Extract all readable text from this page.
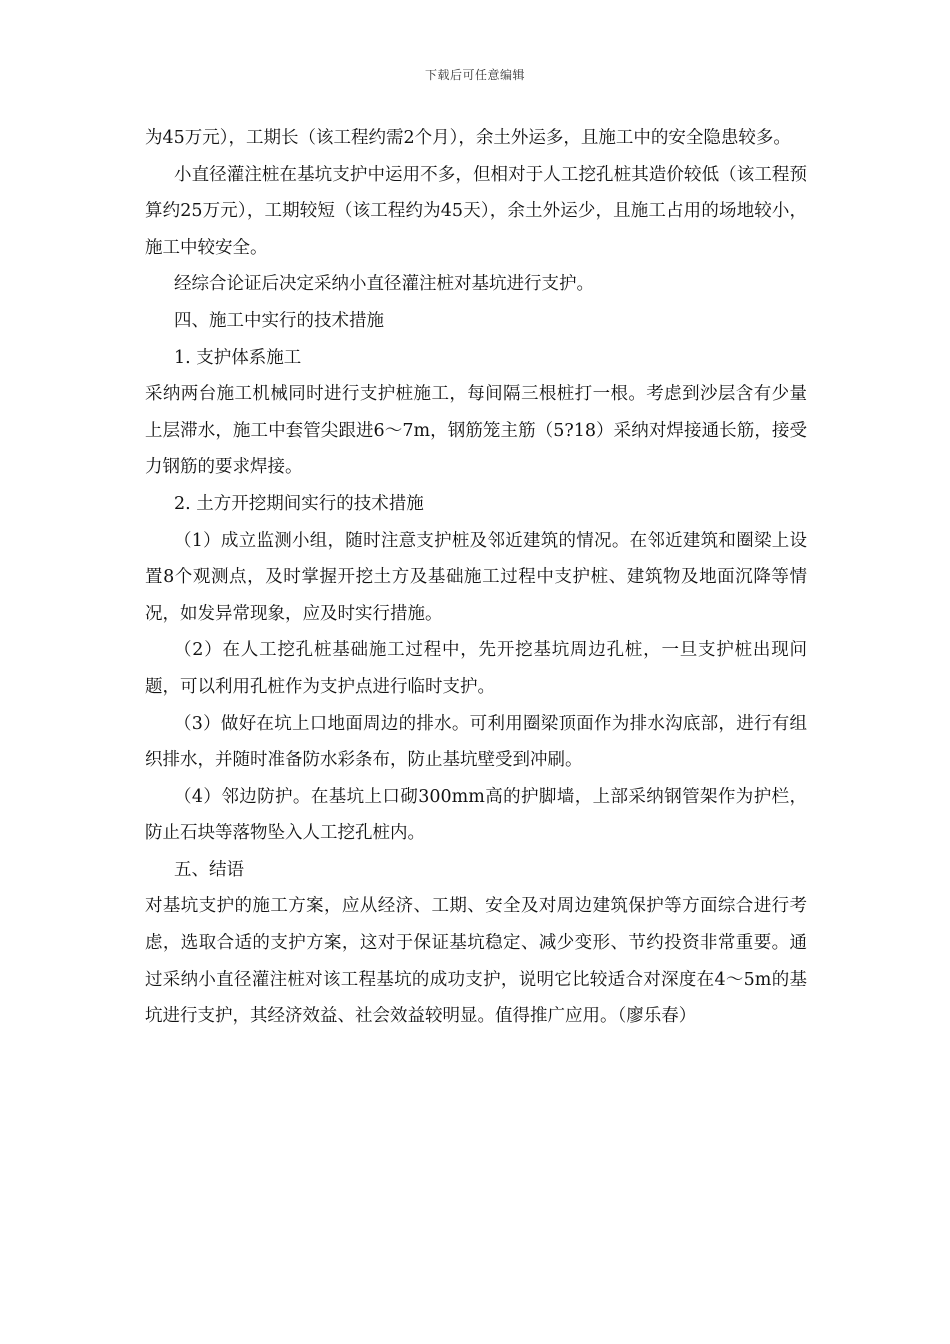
下载后可任意编辑

为45万元），工期长（该工程约需2个月），余土外运多，且施工中的安全隐患较多。

小直径灌注桩在基坑支护中运用不多，但相对于人工挖孔桩其造价较低（该工程预算约25万元），工期较短（该工程约为45天），余土外运少，且施工占用的场地较小，施工中较安全。

经综合论证后决定采纳小直径灌注桩对基坑进行支护。

四、施工中实行的技术措施

1. 支护体系施工

采纳两台施工机械同时进行支护桩施工，每间隔三根桩打一根。考虑到沙层含有少量上层滞水，施工中套管尖跟进6～7m，钢筋笼主筋（5?18）采纳对焊接通长筋，接受力钢筋的要求焊接。

2. 土方开挖期间实行的技术措施

（1）成立监测小组，随时注意支护桩及邻近建筑的情况。在邻近建筑和圈梁上设置8个观测点，及时掌握开挖土方及基础施工过程中支护桩、建筑物及地面沉降等情况，如发异常现象，应及时实行措施。

（2）在人工挖孔桩基础施工过程中，先开挖基坑周边孔桩，一旦支护桩出现问题，可以利用孔桩作为支护点进行临时支护。

（3）做好在坑上口地面周边的排水。可利用圈梁顶面作为排水沟底部，进行有组织排水，并随时准备防水彩条布，防止基坑壁受到冲刷。

（4）邻边防护。在基坑上口砌300mm高的护脚墙，上部采纳钢管架作为护栏，防止石块等落物坠入人工挖孔桩内。

五、结语

对基坑支护的施工方案，应从经济、工期、安全及对周边建筑保护等方面综合进行考虑，选取合适的支护方案，这对于保证基坑稳定、减少变形、节约投资非常重要。通过采纳小直径灌注桩对该工程基坑的成功支护，说明它比较适合对深度在4～5m的基坑进行支护，其经济效益、社会效益较明显。值得推广应用。（廖乐春）
